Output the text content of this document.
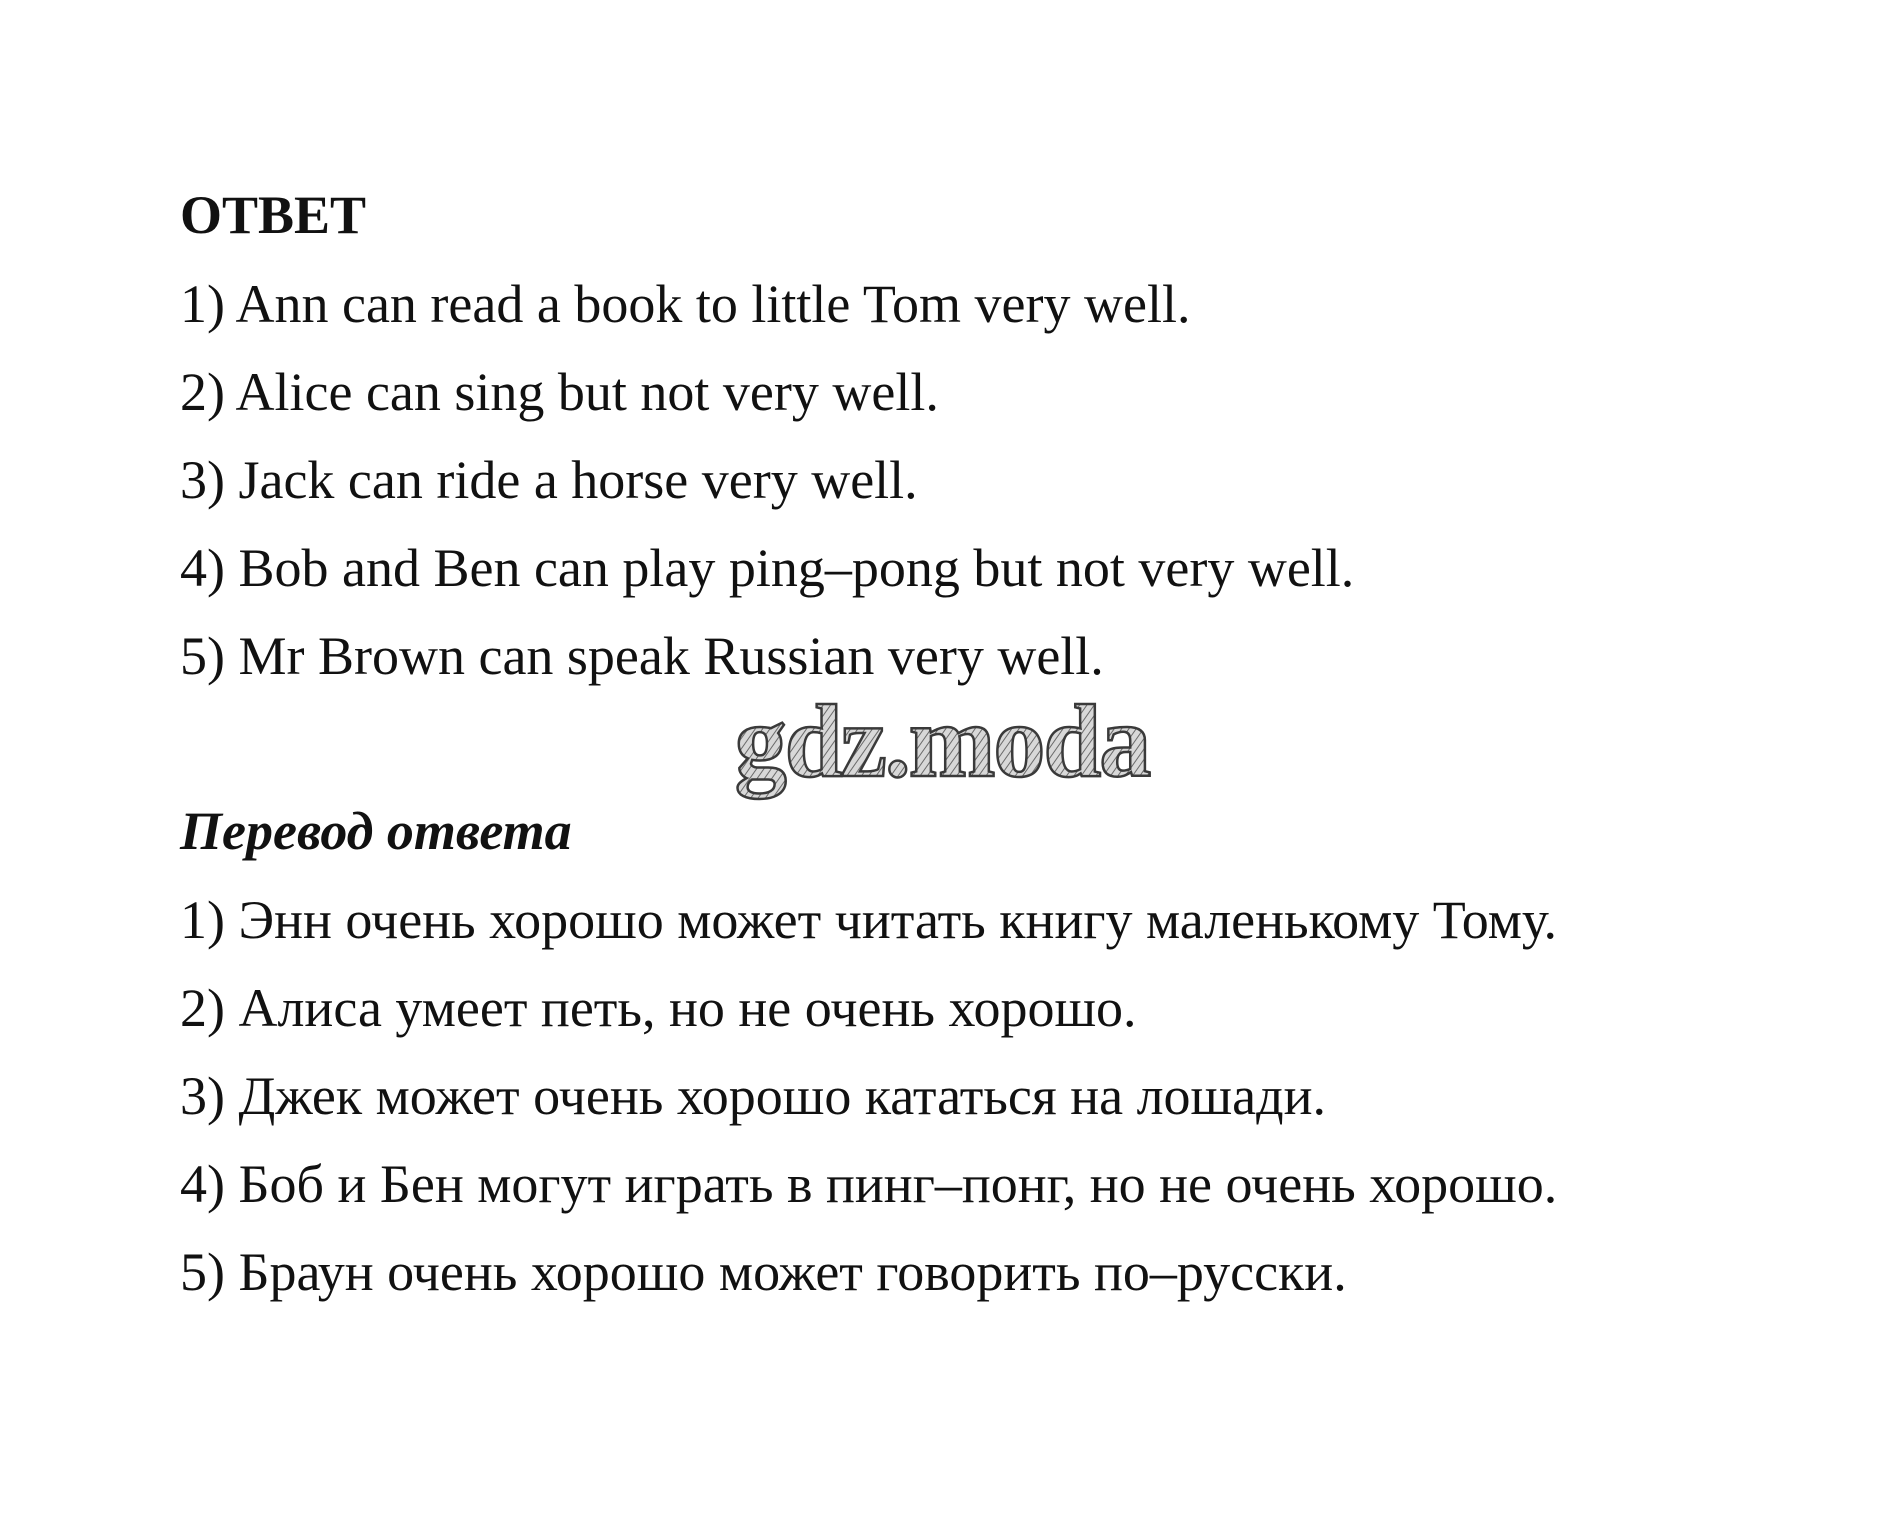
ОТВЕТ
1) Ann can read a book to little Tom very well.
2) Alice can sing but not very well.
3) Jack can ride a horse very well.
4) Bob and Ben can play ping–pong but not very well.
5) Mr Brown can speak Russian very well.
gdz.moda
Перевод ответа
1) Энн очень хорошо может читать книгу маленькому Тому.
2) Алиса умеет петь, но не очень хорошо.
3) Джек может очень хорошо кататься на лошади.
4) Боб и Бен могут играть в пинг–понг, но не очень хорошо.
5) Браун очень хорошо может говорить по–русски.
